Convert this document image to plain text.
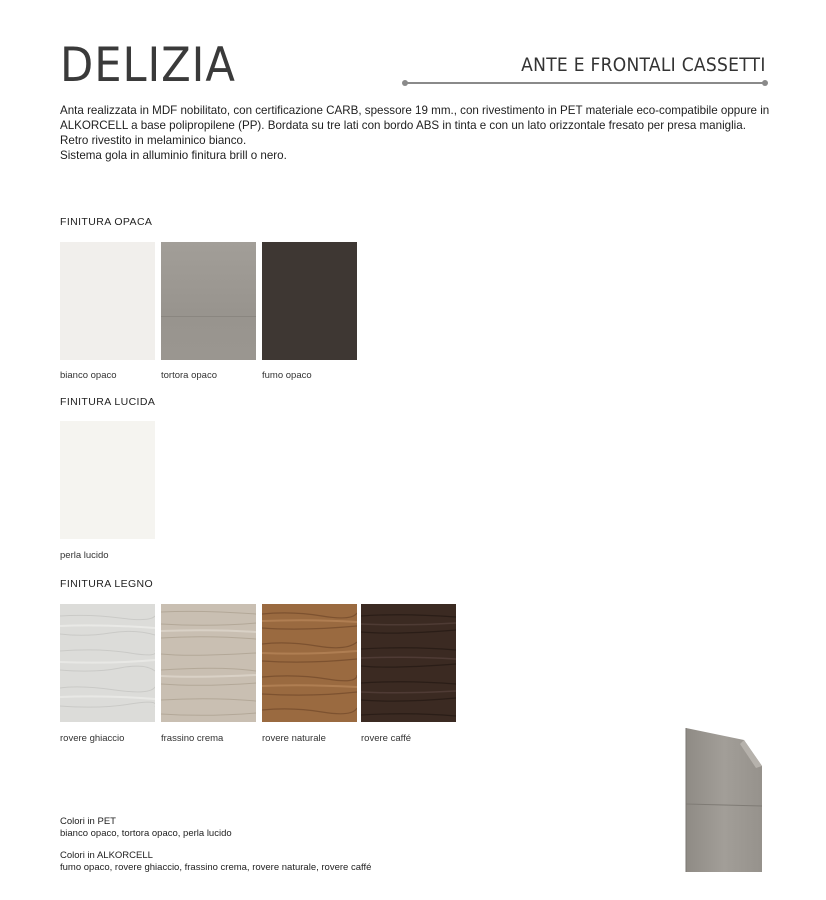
DELIZIA	ANTE E FRONTALI CASSETTI

Anta realizzata in MDF nobilitato, con certificazione CARB, spessore 19 mm., con rivestimento in PET materiale eco-compatibile oppure in ALKORCELL a base polipropilene (PP). Bordata su tre lati con bordo ABS in tinta e con un lato orizzontale fresato per presa maniglia. Retro rivestito in melaminico bianco.

Sistema gola in alluminio finitura brill o nero.

FINITURA OPACA
bianco opaco	tortora opaco	fumo opaco
FINITURA LUCIDA
perla lucido
FINITURA LEGNO
rovere ghiaccio	frassino crema	rovere naturale	rovere caffé
Colori in PET
bianco opaco, tortora opaco, perla lucido
Colori in ALKORCELL
fumo opaco, rovere ghiaccio, frassino crema, rovere naturale, rovere caffé
